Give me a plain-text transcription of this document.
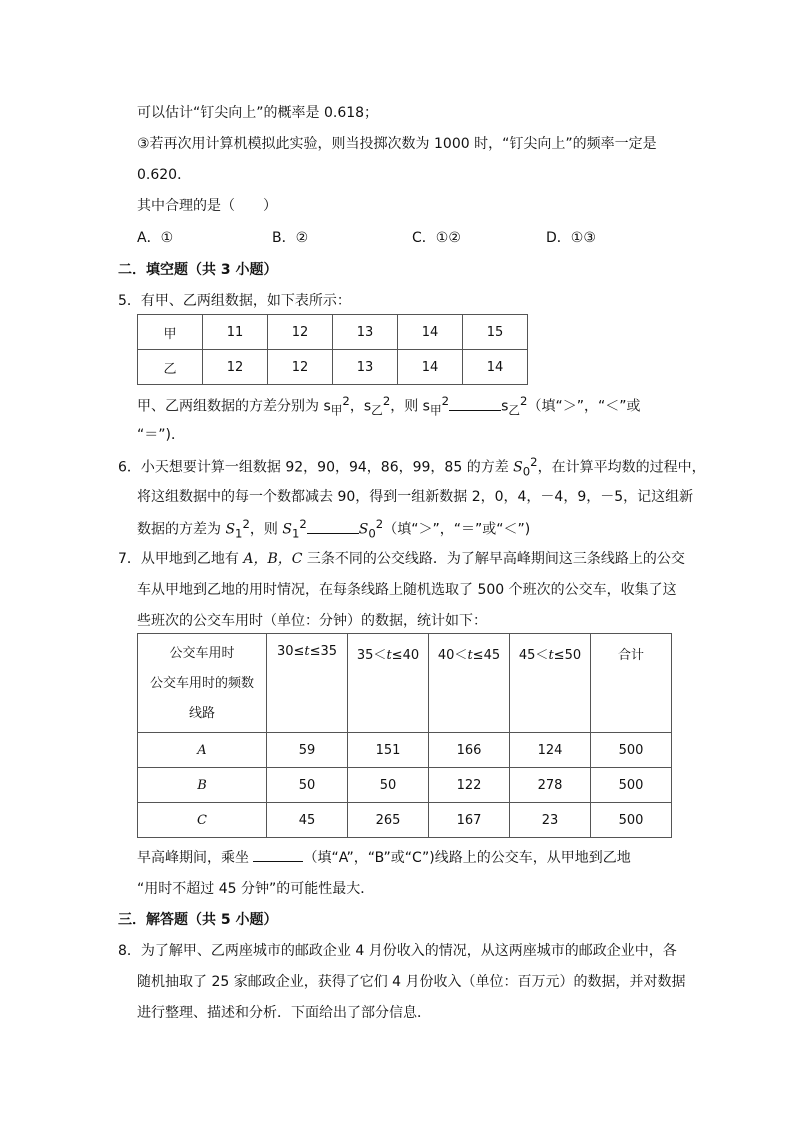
可以估计“钉尖向上”的概率是 0.618；
③若再次用计算机模拟此实验，则当投掷次数为 1000 时，“钉尖向上”的频率一定是
0.620．
其中合理的是（　　）
A．①	B．②	C．①②	D．①③
二．填空题（共 3 小题）
5．有甲、乙两组数据，如下表所示：
甲	11	12	13	14	15
乙	12	12	13	14	14
甲、乙两组数据的方差分别为 $s_甲^2$，$s_乙^2$，则 $s_甲^2$	$s_乙^2$（填“＞”，“＜”或
“＝”)．
6．小天想要计算一组数据 92，90，94，86，99，85 的方差 $S_0^2$，在计算平均数的过程中，
将这组数据中的每一个数都减去 90，得到一组新数据 2，0，4，－4，9，－5，记这组新
数据的方差为 $S_1^2$，则 $S_1^2$	$S_0^2$（填“＞”，“＝”或“＜”)
7．从甲地到乙地有 A，B，C 三条不同的公交线路．为了解早高峰期间这三条线路上的公交
车从甲地到乙地的用时情况，在每条线路上随机选取了 500 个班次的公交车，收集了这
些班次的公交车用时（单位：分钟）的数据，统计如下：
公交车用时
公交车用时的频数
线路	30≤t≤35	35＜t≤40	40＜t≤45	45＜t≤50	合计
A	59	151	166	124	500
B	50	50	122	278	500
C	45	265	167	23	500
早高峰期间，乘坐	（填“A”，“B”或“C”)线路上的公交车，从甲地到乙地
“用时不超过 45 分钟”的可能性最大．
三．解答题（共 5 小题）
8．为了解甲、乙两座城市的邮政企业 4 月份收入的情况，从这两座城市的邮政企业中，各
随机抽取了 25 家邮政企业，获得了它们 4 月份收入（单位：百万元）的数据，并对数据
进行整理、描述和分析．下面给出了部分信息．
